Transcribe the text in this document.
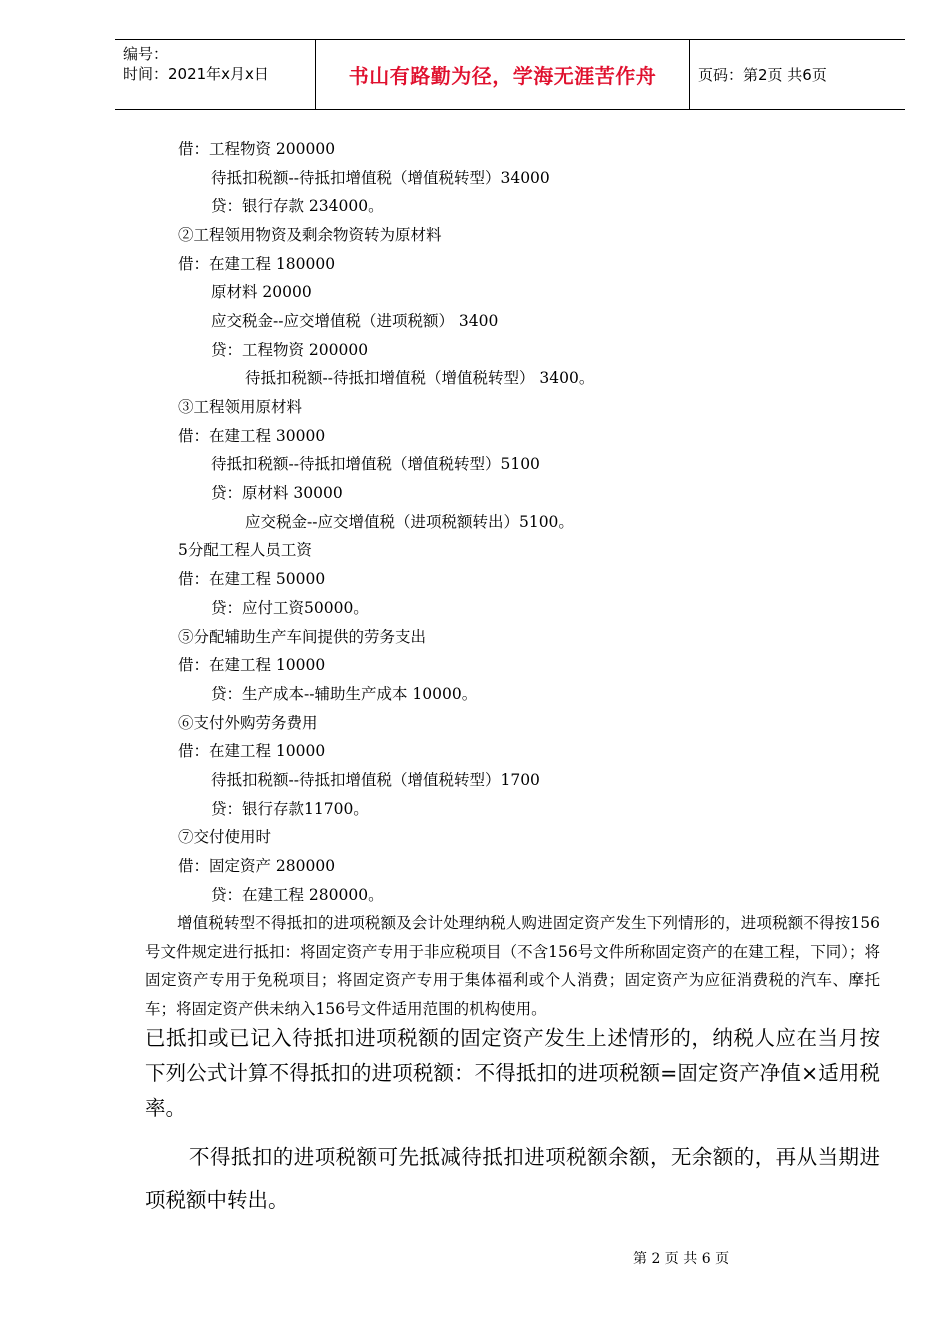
编号：
时间：2021年x月x日	书山有路勤为径，学海无涯苦作舟	页码：第2页 共6页
借：工程物资 200000
待抵扣税额--待抵扣增值税（增值税转型）34000
贷：银行存款 234000。
②工程领用物资及剩余物资转为原材料
借：在建工程 180000
原材料 20000
应交税金--应交增值税（进项税额） 3400
贷：工程物资 200000
待抵扣税额--待抵扣增值税（增值税转型） 3400。
③工程领用原材料
借：在建工程 30000
待抵扣税额--待抵扣增值税（增值税转型）5100
贷：原材料 30000
应交税金--应交增值税（进项税额转出）5100。
5分配工程人员工资
借：在建工程 50000
贷：应付工资50000。
⑤分配辅助生产车间提供的劳务支出
借：在建工程 10000
贷：生产成本--辅助生产成本 10000。
⑥支付外购劳务费用
借：在建工程 10000
待抵扣税额--待抵扣增值税（增值税转型）1700
贷：银行存款11700。
⑦交付使用时
借：固定资产 280000
贷：在建工程 280000。
增值税转型不得抵扣的进项税额及会计处理纳税人购进固定资产发生下列情形的，进项税额不得按156号文件规定进行抵扣：将固定资产专用于非应税项目（不含156号文件所称固定资产的在建工程，下同）；将固定资产专用于免税项目；将固定资产专用于集体福利或个人消费；固定资产为应征消费税的汽车、摩托车；将固定资产供未纳入156号文件适用范围的机构使用。
已抵扣或已记入待抵扣进项税额的固定资产发生上述情形的，纳税人应在当月按下列公式计算不得抵扣的进项税额：不得抵扣的进项税额=固定资产净值×适用税率。
不得抵扣的进项税额可先抵减待抵扣进项税额余额，无余额的，再从当期进项税额中转出。
第 2 页 共 6 页
